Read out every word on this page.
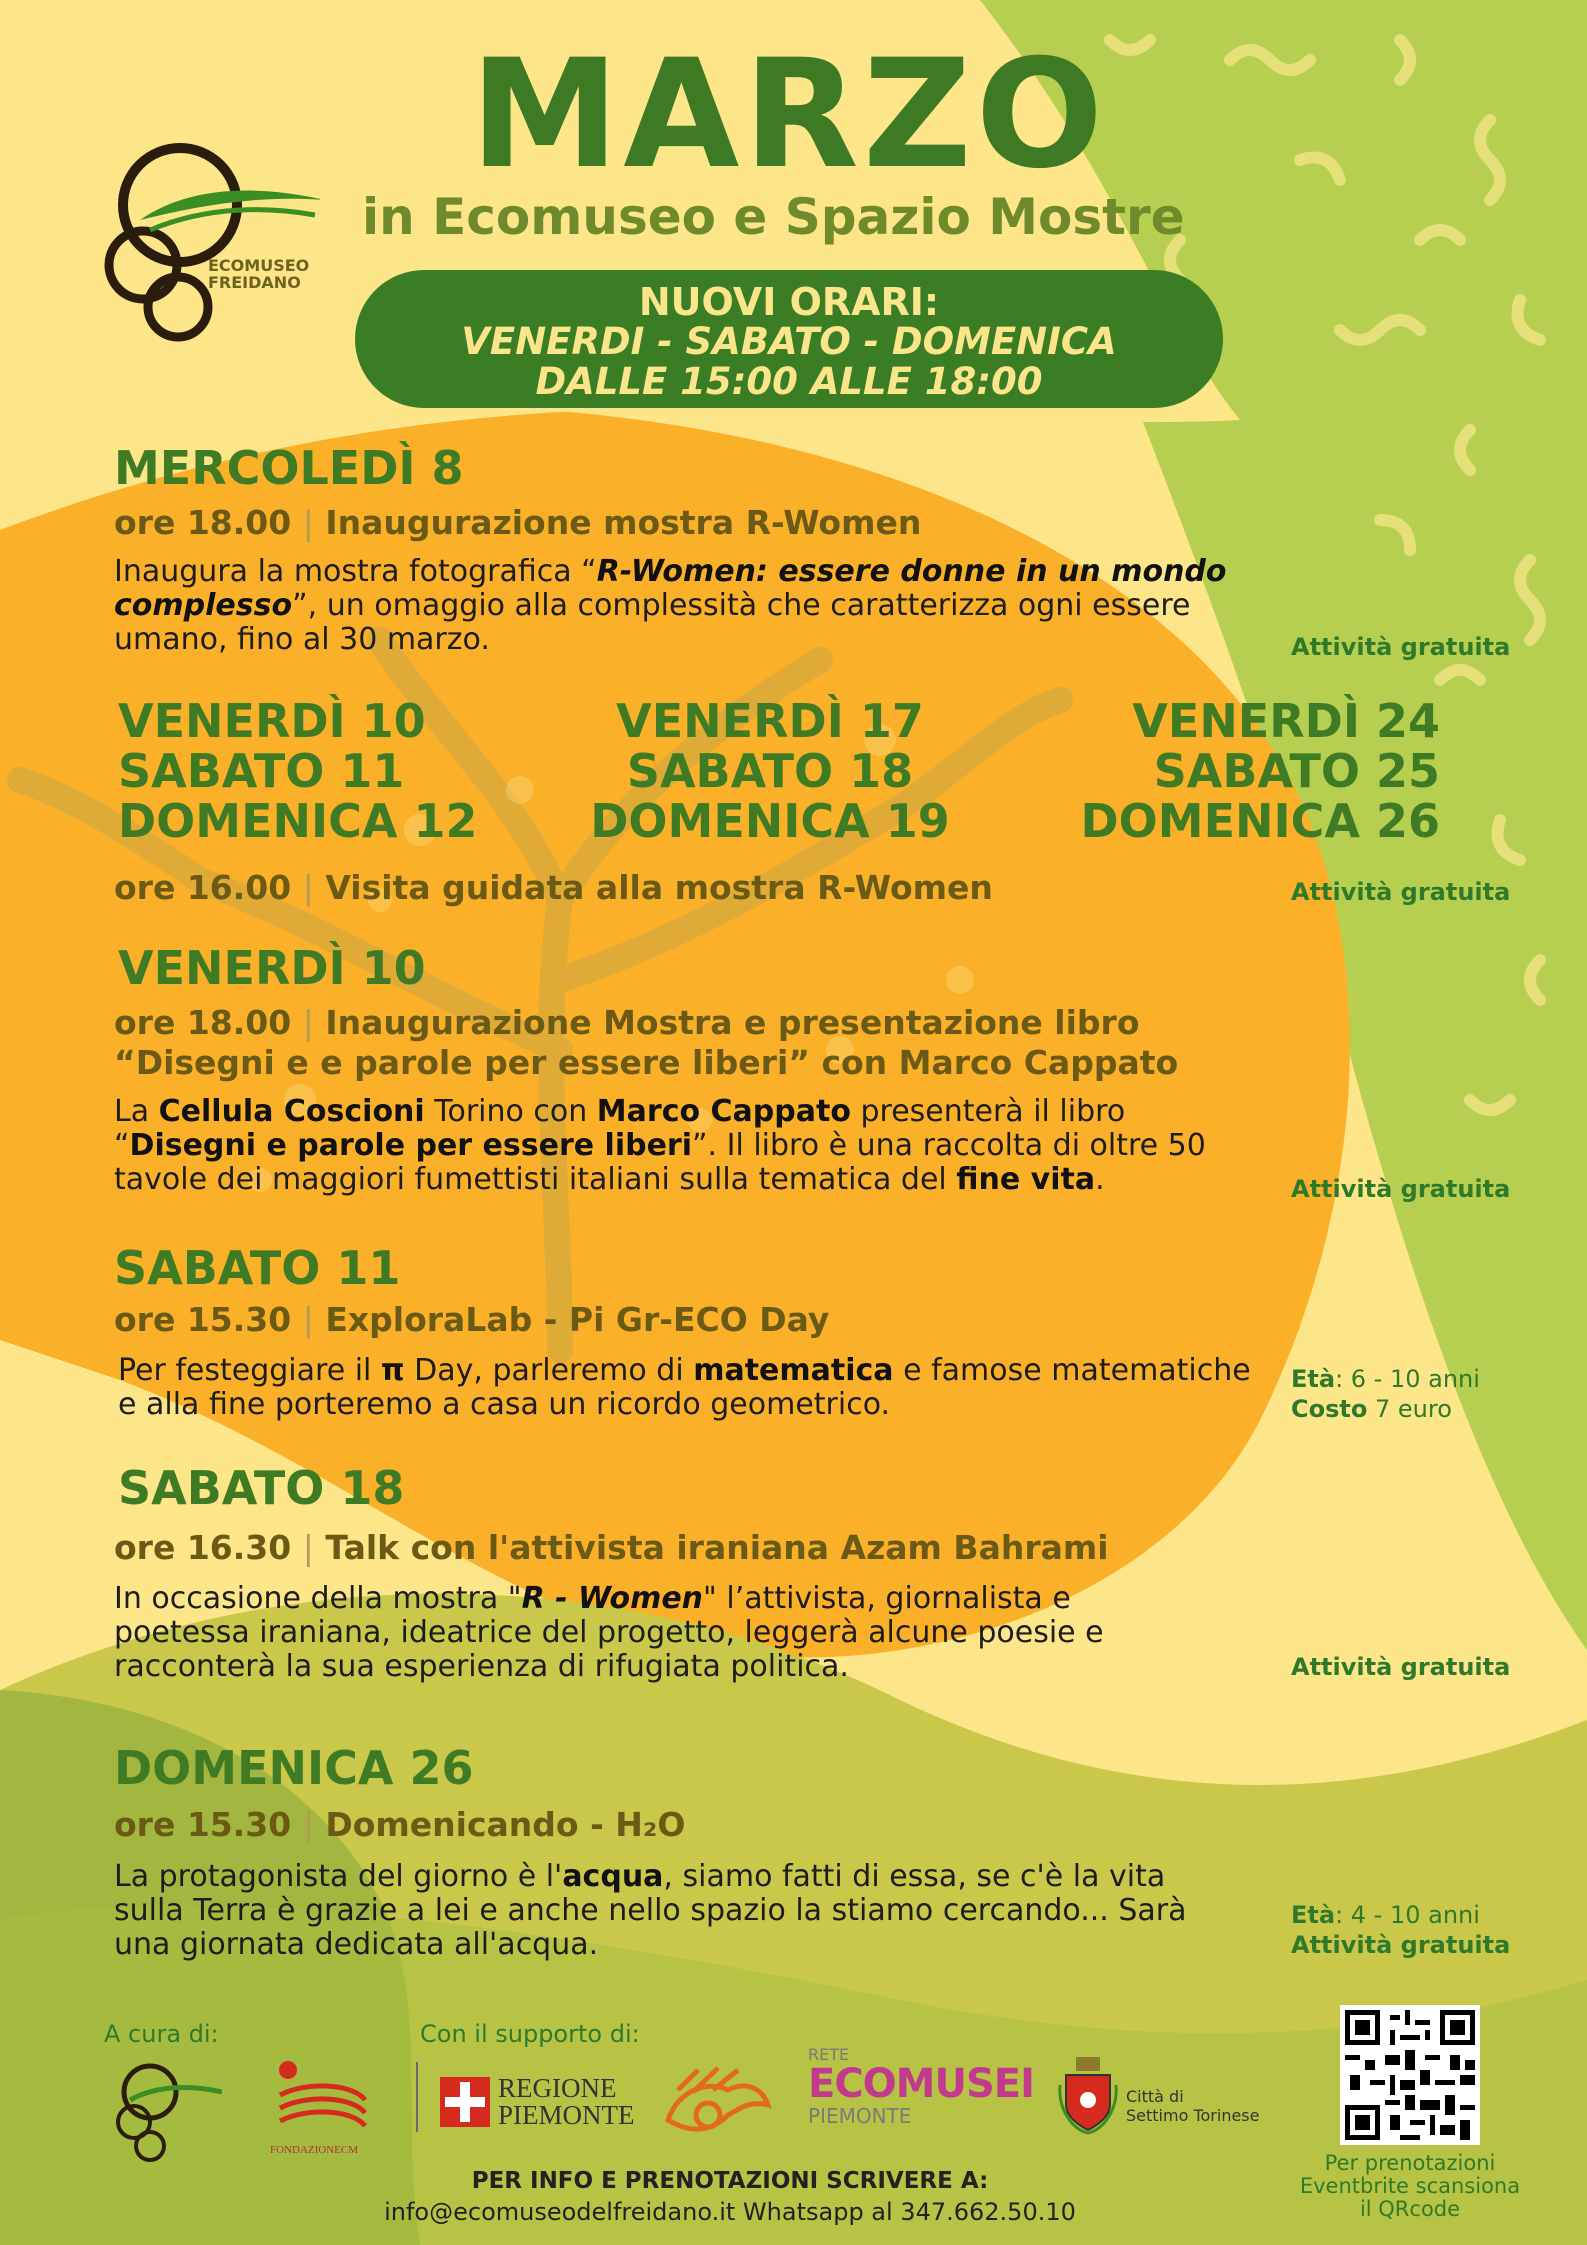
ECOMUSEO
FREIDANO
MARZO
in Ecomuseo e Spazio Mostre
NUOVI ORARI:
VENERDI - SABATO - DOMENICA
DALLE 15:00 ALLE 18:00
MERCOLEDÌ 8
ore 18.00 | Inaugurazione mostra R-Women
Inaugura la mostra fotografica “R-Women: essere donne in un mondo complesso”, un omaggio alla complessità che caratterizza ogni essere umano, fino al 30 marzo.	Attività gratuita
VENERDÌ 10
SABATO 11
DOMENICA 12
VENERDÌ 17
SABATO 18
DOMENICA 19
VENERDÌ 24
SABATO 25
DOMENICA 26
ore 16.00 | Visita guidata alla mostra R-Women	Attività gratuita
VENERDÌ 10
ore 18.00 | Inaugurazione Mostra e presentazione libro
“Disegni e e parole per essere liberi” con Marco Cappato
La Cellula Coscioni Torino con Marco Cappato presenterà il libro “Disegni e parole per essere liberi”. Il libro è una raccolta di oltre 50 tavole dei maggiori fumettisti italiani sulla tematica del fine vita.	Attività gratuita
SABATO 11
ore 15.30 | ExploraLab - Pi Gr-ECO Day
Per festeggiare il π Day, parleremo di matematica e famose matematiche e alla fine porteremo a casa un ricordo geometrico.
Età: 6 - 10 anni
Costo 7 euro
SABATO 18
ore 16.30 | Talk con l'attivista iraniana Azam Bahrami
In occasione della mostra "R - Women" l’attivista, giornalista e poetessa iraniana, ideatrice del progetto, leggerà alcune poesie e racconterà la sua esperienza di rifugiata politica.	Attività gratuita
DOMENICA 26
ore 15.30 | Domenicando - H₂O
La protagonista del giorno è l'acqua, siamo fatti di essa, se c'è la vita sulla Terra è grazie a lei e anche nello spazio la stiamo cercando... Sarà una giornata dedicata all'acqua.
Età: 4 - 10 anni
Attività gratuita
A cura di:	Con il supporto di:
FONDAZIONECM
REGIONE
PIEMONTE
RETE
ECOMUSEI
PIEMONTE
Città di
Settimo Torinese
Per prenotazioni
Eventbrite scansiona
il QRcode
PER INFO E PRENOTAZIONI SCRIVERE A:
info@ecomuseodelfreidano.it Whatsapp al 347.662.50.10
